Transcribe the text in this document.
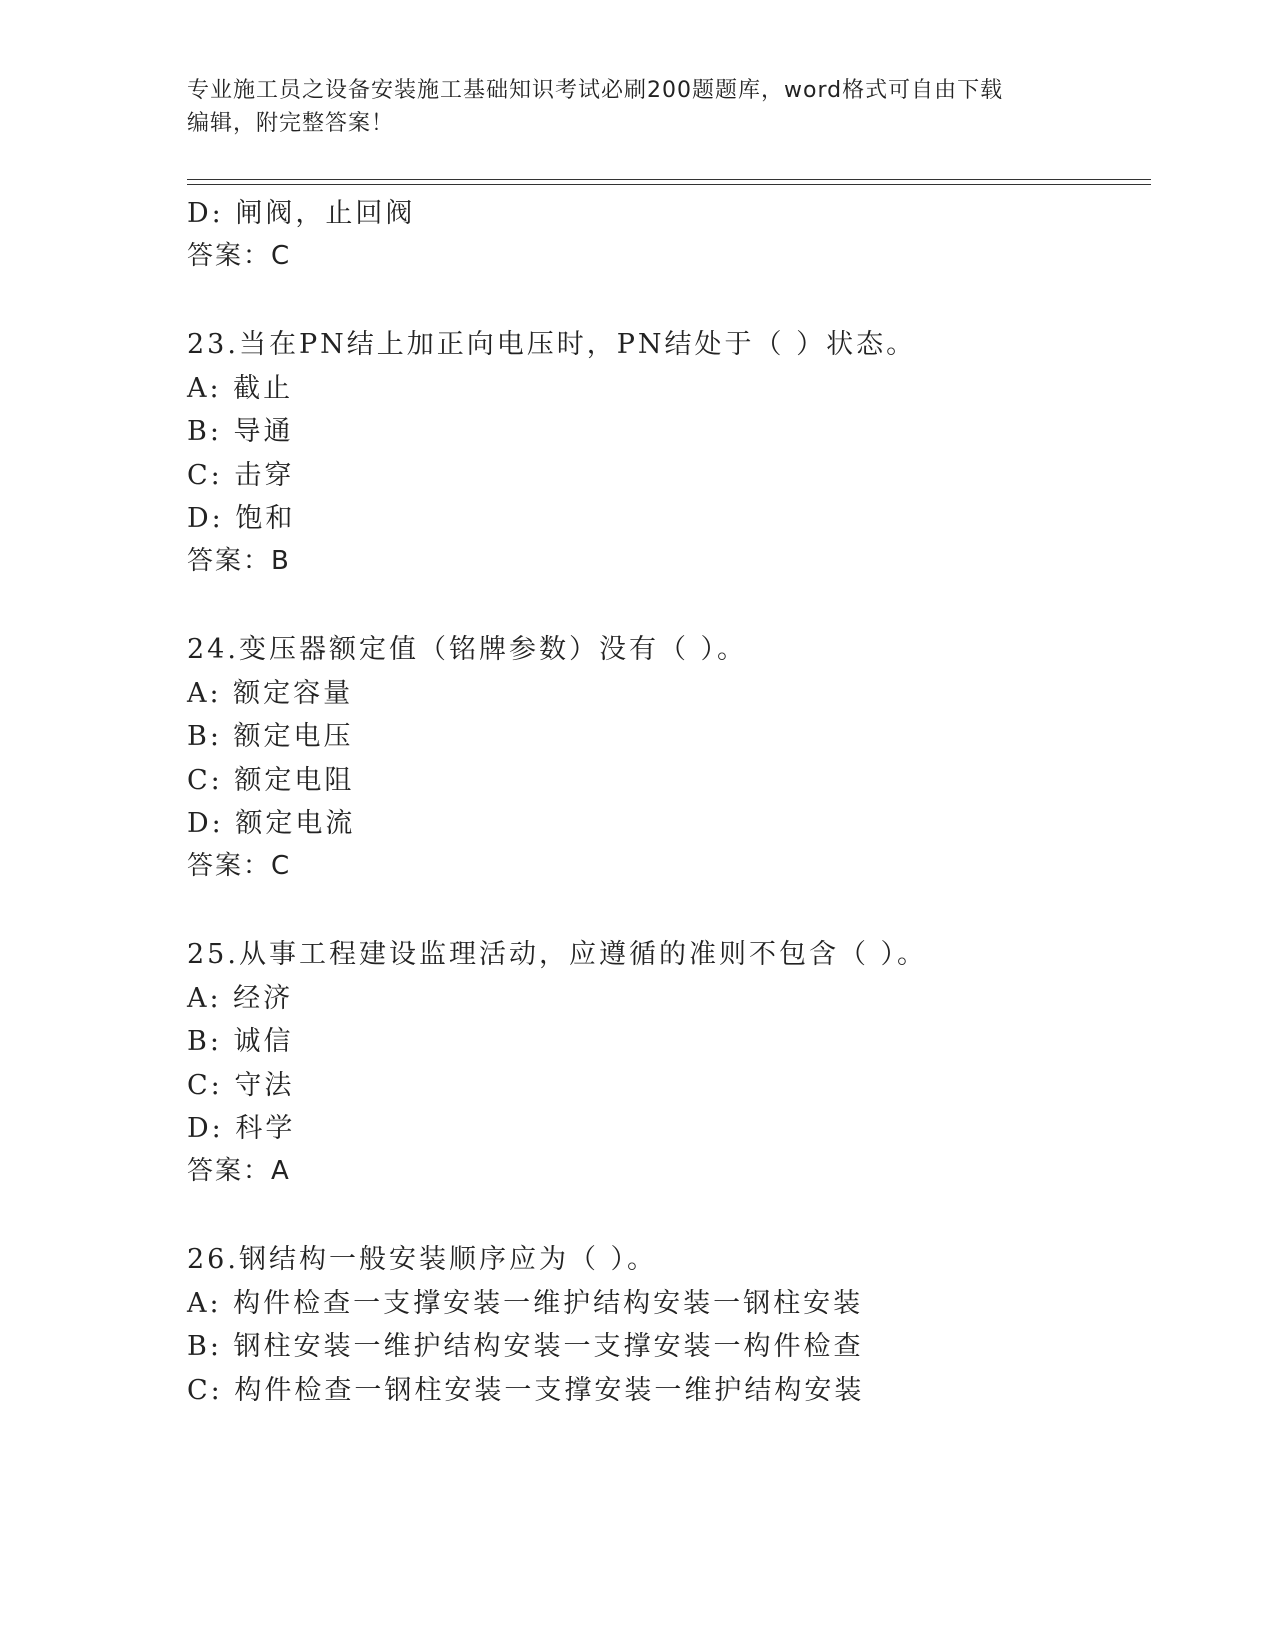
专业施工员之设备安装施工基础知识考试必刷200题题库，word格式可自由下载
编辑，附完整答案！
D: 闸阀，止回阀
答案：C
23.当在PN结上加正向电压时，PN结处于（ ）状态。
A: 截止
B: 导通
C: 击穿
D: 饱和
答案：B
24.变压器额定值（铭牌参数）没有（ ）。
A: 额定容量
B: 额定电压
C: 额定电阻
D: 额定电流
答案：C
25.从事工程建设监理活动，应遵循的准则不包含（ ）。
A: 经济
B: 诚信
C: 守法
D: 科学
答案：A
26.钢结构一般安装顺序应为（ ）。
A: 构件检查一支撑安装一维护结构安装一钢柱安装
B: 钢柱安装一维护结构安装一支撑安装一构件检查
C: 构件检查一钢柱安装一支撑安装一维护结构安装
